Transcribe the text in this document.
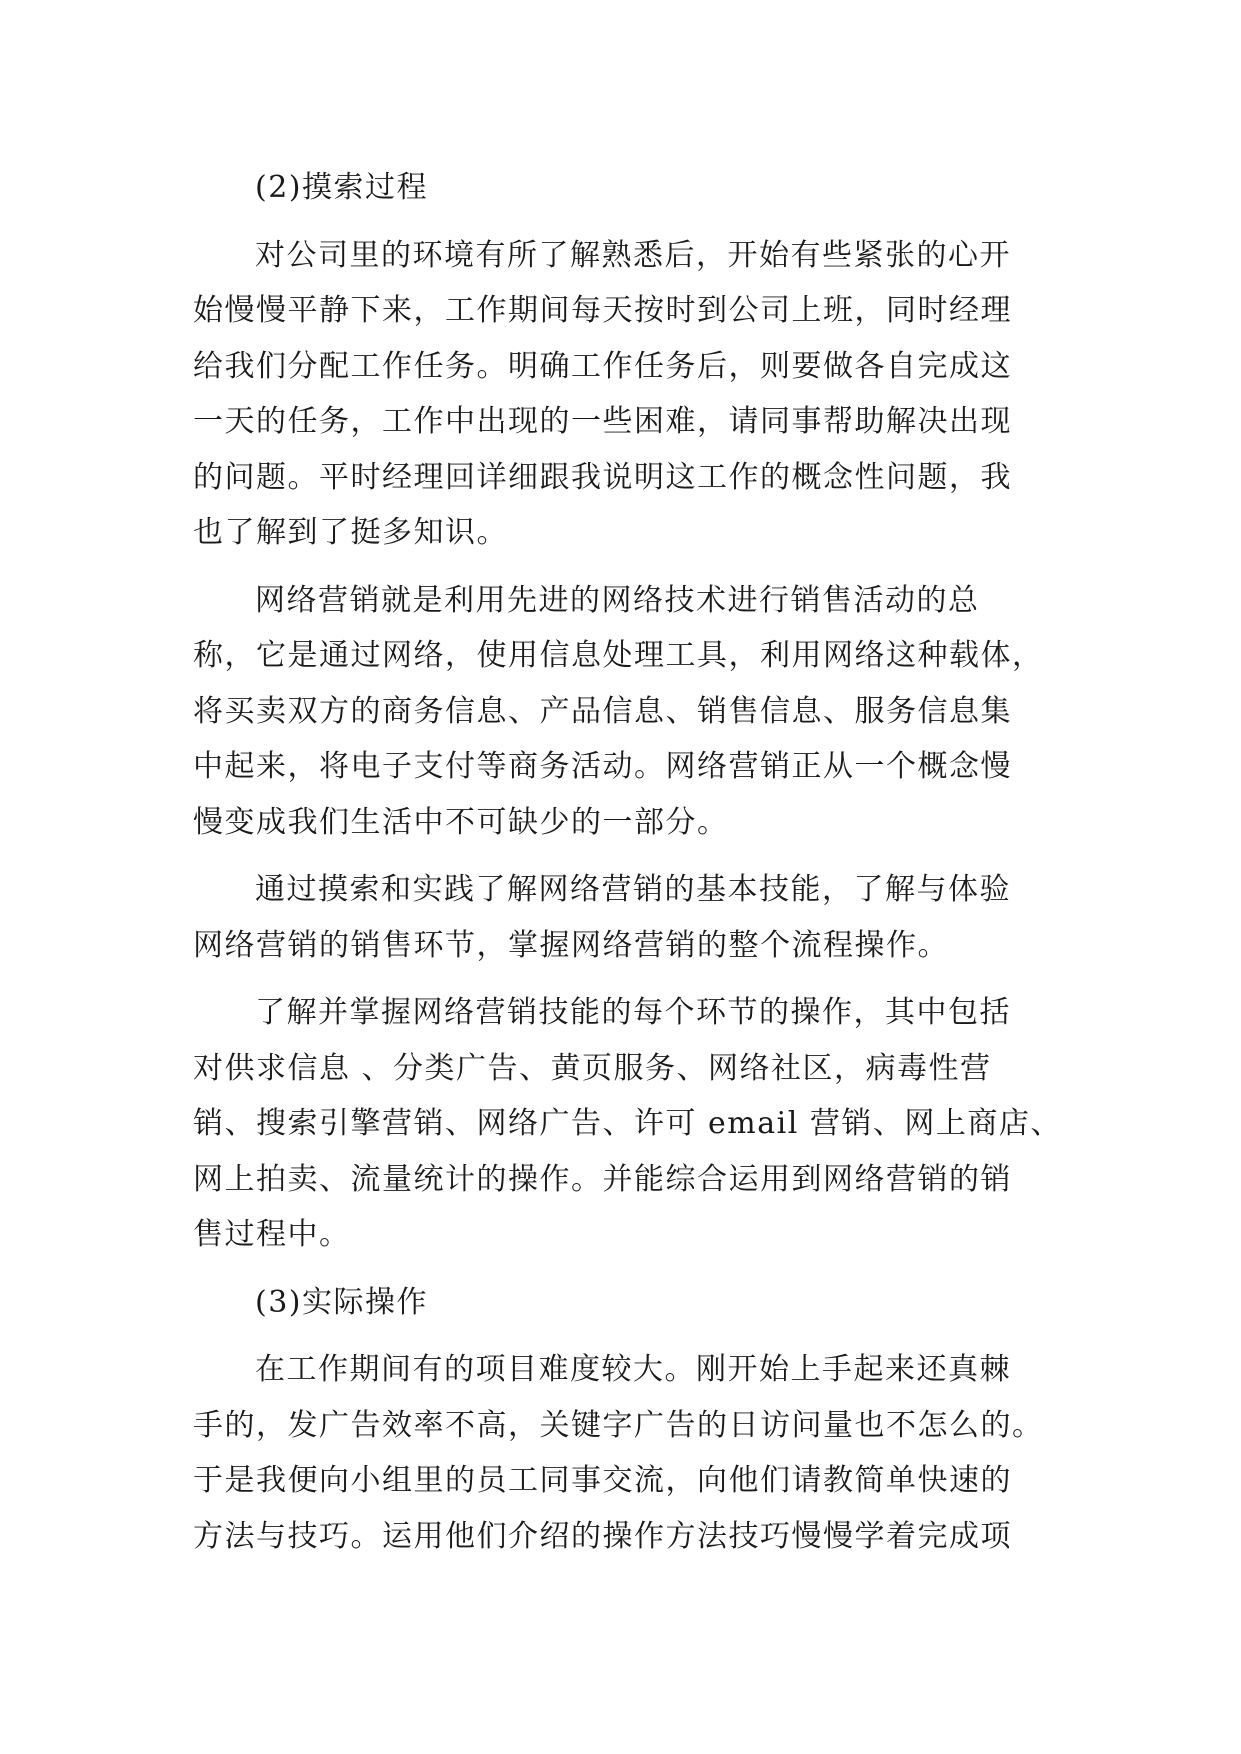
(2)摸索过程
对公司里的环境有所了解熟悉后，开始有些紧张的心开
始慢慢平静下来，工作期间每天按时到公司上班，同时经理
给我们分配工作任务。明确工作任务后，则要做各自完成这
一天的任务，工作中出现的一些困难，请同事帮助解决出现
的问题。平时经理回详细跟我说明这工作的概念性问题，我
也了解到了挺多知识。
网络营销就是利用先进的网络技术进行销售活动的总
称，它是通过网络，使用信息处理工具，利用网络这种载体，
将买卖双方的商务信息、产品信息、销售信息、服务信息集
中起来，将电子支付等商务活动。网络营销正从一个概念慢
慢变成我们生活中不可缺少的一部分。
通过摸索和实践了解网络营销的基本技能，了解与体验
网络营销的销售环节，掌握网络营销的整个流程操作。
了解并掌握网络营销技能的每个环节的操作，其中包括
对供求信息 、分类广告、黄页服务、网络社区，病毒性营
销、搜索引擎营销、网络广告、许可 email 营销、网上商店、
网上拍卖、流量统计的操作。并能综合运用到网络营销的销
售过程中。
(3)实际操作
在工作期间有的项目难度较大。刚开始上手起来还真棘
手的，发广告效率不高，关键字广告的日访问量也不怎么的。
于是我便向小组里的员工同事交流，向他们请教简单快速的
方法与技巧。运用他们介绍的操作方法技巧慢慢学着完成项
